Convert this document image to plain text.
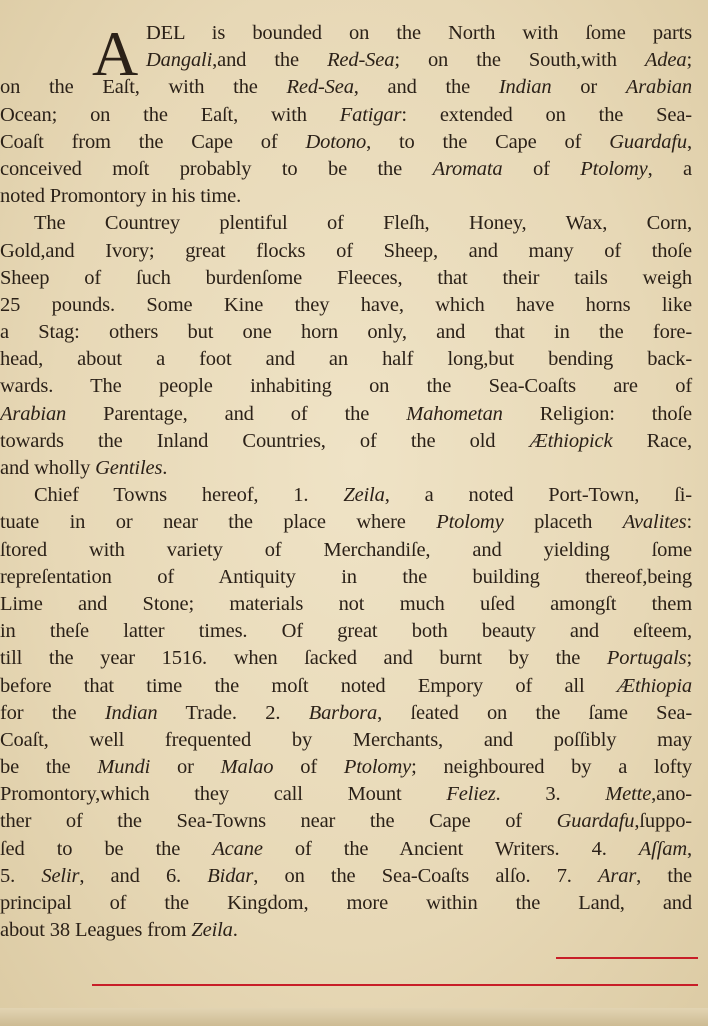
A DEL is bounded on the North with ſome parts
Dangali,and the Red-Sea; on the South,with Adea;
on the Eaſt, with the Red-Sea, and the Indian or Arabian
Ocean; on the Eaſt, with Fatigar: extended on the Sea-
Coaſt from the Cape of Dotono, to the Cape of Guardafu,
conceived moſt probably to be the Aromata of Ptolomy, a
noted Promontory in his time.
The Countrey plentiful of Fleſh, Honey, Wax, Corn,
Gold,and Ivory; great flocks of Sheep, and many of thoſe
Sheep of ſuch burdenſome Fleeces, that their tails weigh
25 pounds. Some Kine they have, which have horns like
a Stag: others but one horn only, and that in the fore-
head, about a foot and an half long,but bending back-
wards. The people inhabiting on the Sea-Coaſts are of
Arabian Parentage, and of the Mahometan Religion: thoſe
towards the Inland Countries, of the old Æthiopick Race,
and wholly Gentiles.
Chief Towns hereof, 1. Zeila, a noted Port-Town, ſi-
tuate in or near the place where Ptolomy placeth Avalites:
ſtored with variety of Merchandiſe, and yielding ſome
repreſentation of Antiquity in the building thereof,being
Lime and Stone; materials not much uſed amongſt them
in theſe latter times. Of great both beauty and eſteem,
till the year 1516. when ſacked and burnt by the Portugals;
before that time the moſt noted Empory of all Æthiopia
for the Indian Trade. 2. Barbora, ſeated on the ſame Sea-
Coaſt, well frequented by Merchants, and poſſibly may
be the Mundi or Malao of Ptolomy; neighboured by a lofty
Promontory,which they call Mount Feliez. 3. Mette,ano-
ther of the Sea-Towns near the Cape of Guardafu,ſuppo-
ſed to be the Acane of the Ancient Writers. 4. Aſſam,
5. Selir, and 6. Bidar, on the Sea-Coaſts alſo. 7. Arar, the
principal of the Kingdom, more within the Land, and
about 38 Leagues from Zeila.
